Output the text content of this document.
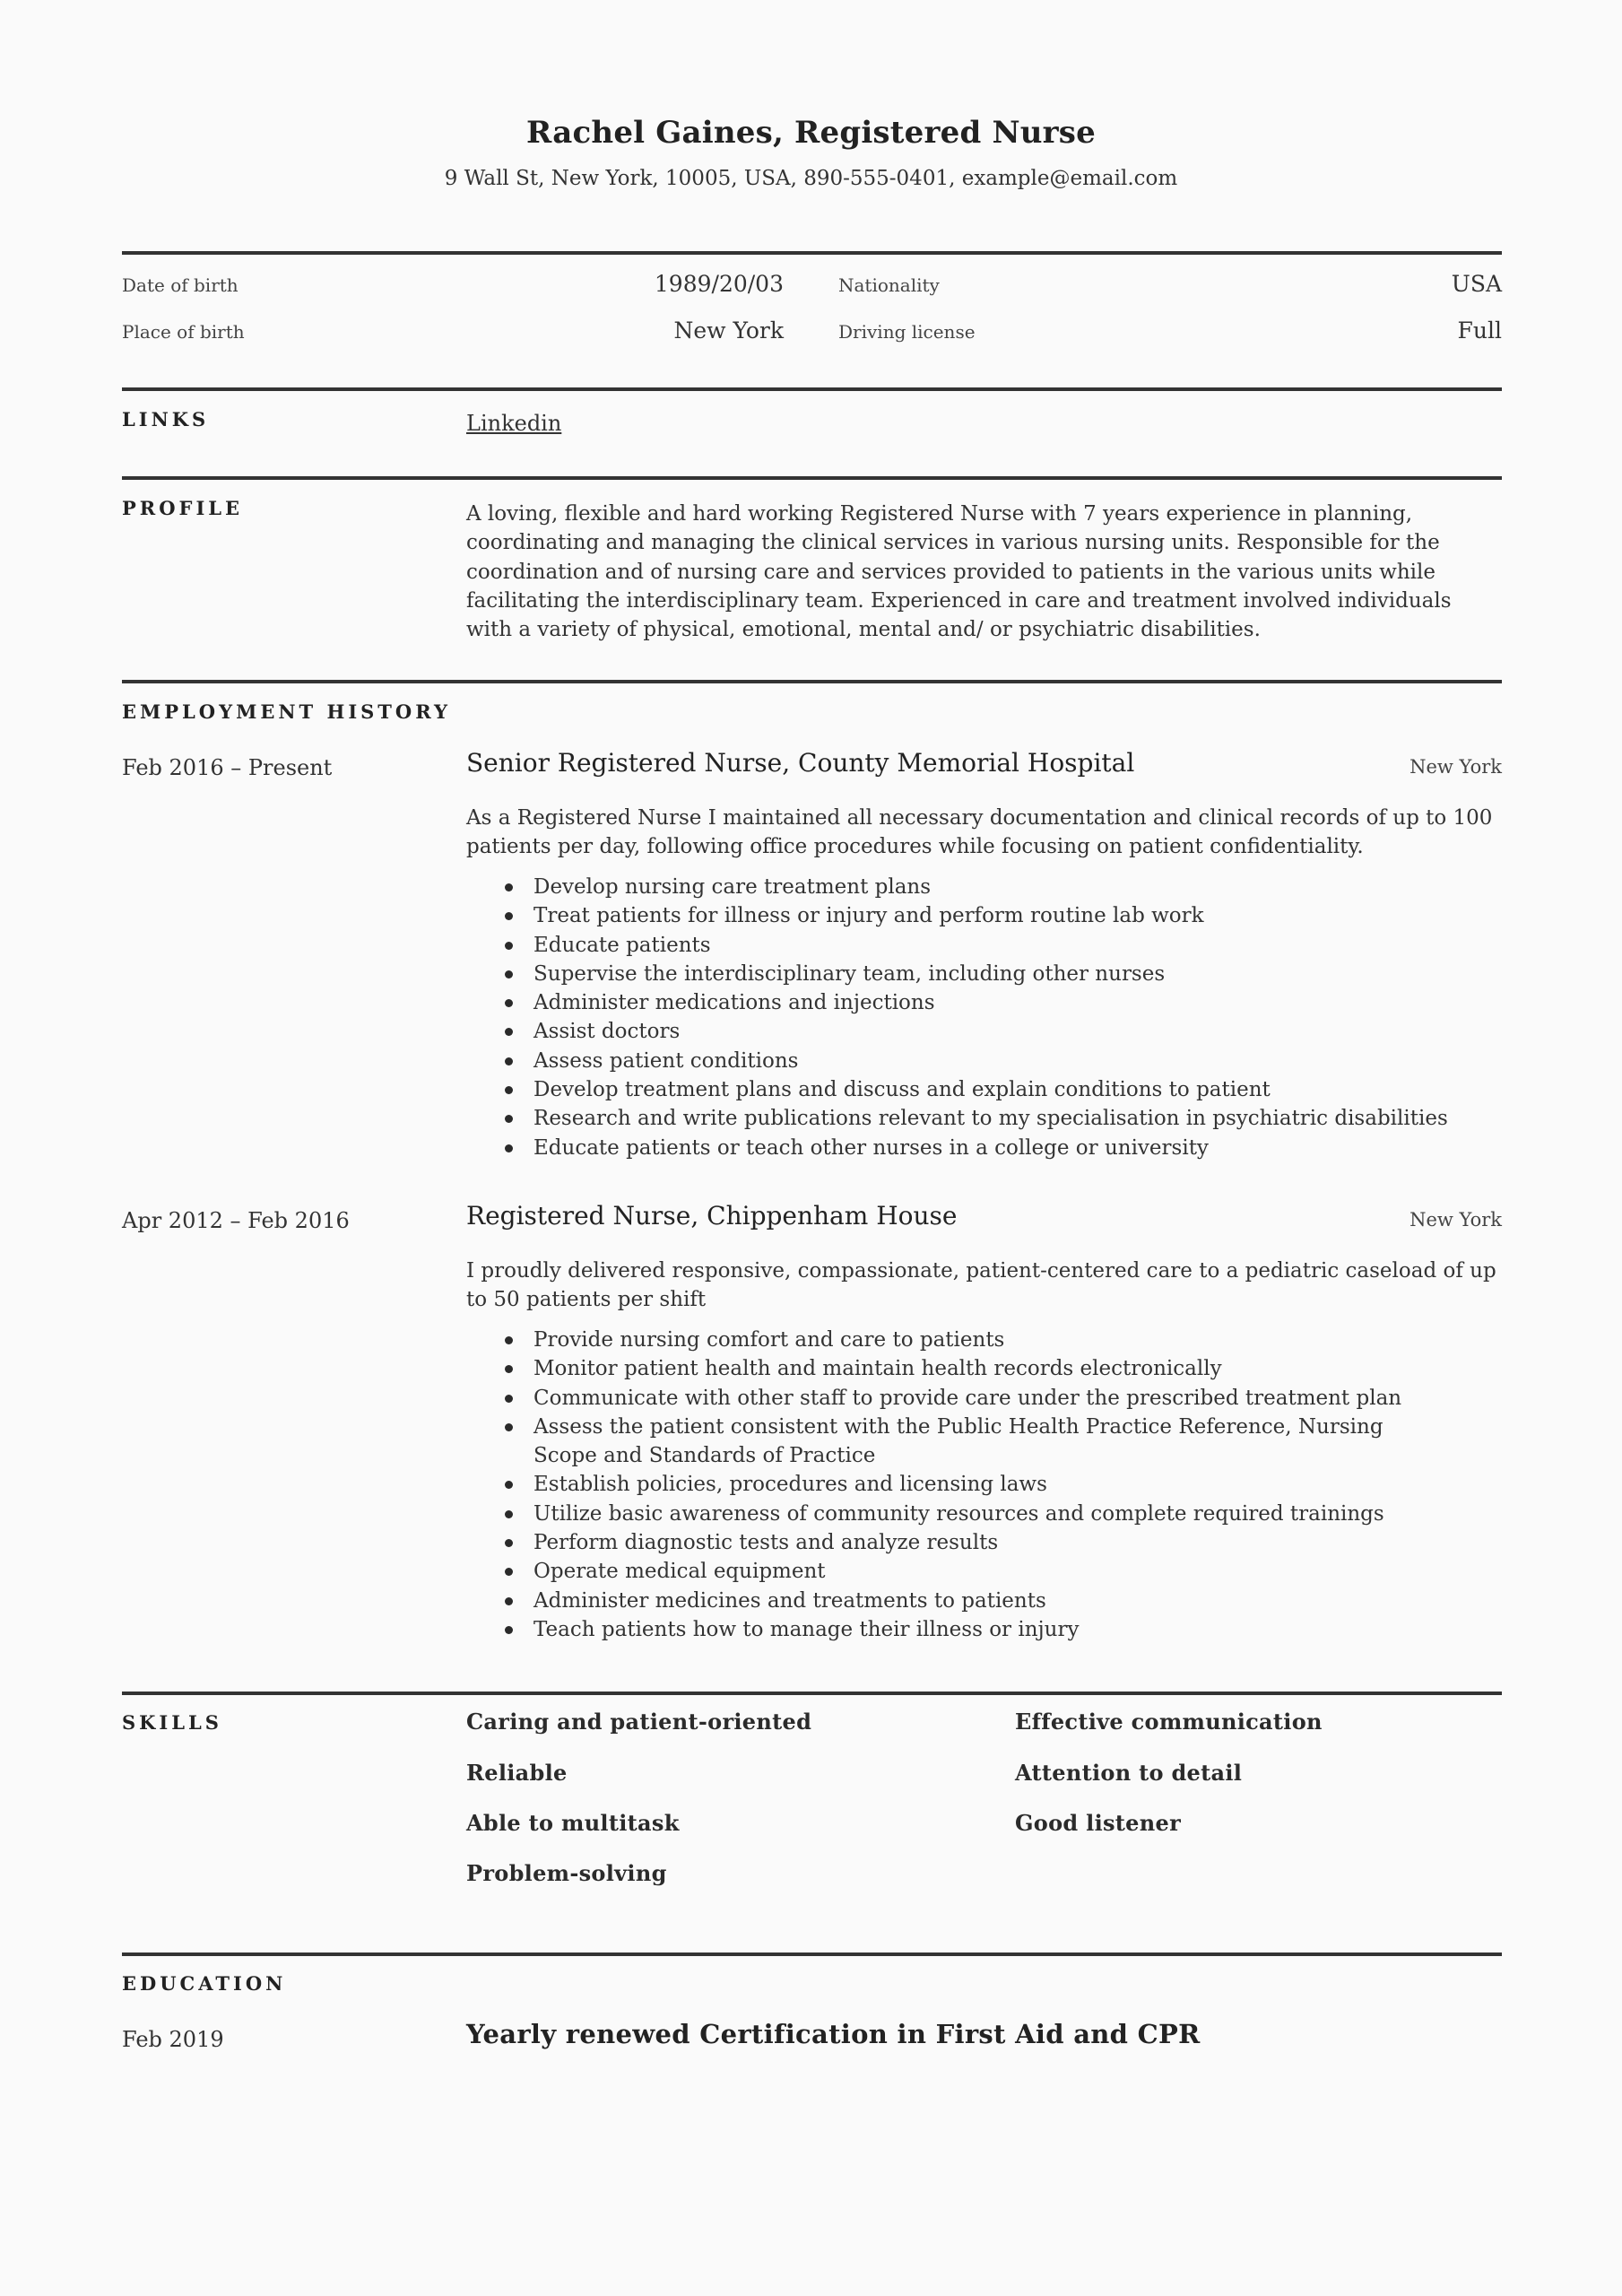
Rachel Gaines, Registered Nurse
9 Wall St, New York, 10005, USA, 890-555-0401, example@email.com
Date of birth	1989/20/03	Nationality	USA
Place of birth	New York	Driving license	Full
LINKS	Linkedin
PROFILE	A loving, flexible and hard working Registered Nurse with 7 years experience in planning, coordinating and managing the clinical services in various nursing units. Responsible for the coordination and of nursing care and services provided to patients in the various units while facilitating the interdisciplinary team. Experienced in care and treatment involved individuals with a variety of physical, emotional, mental and/ or psychiatric disabilities.
EMPLOYMENT HISTORY
Feb 2016 – Present	Senior Registered Nurse, County Memorial Hospital	New York
As a Registered Nurse I maintained all necessary documentation and clinical records of up to 100 patients per day, following office procedures while focusing on patient confidentiality.
Develop nursing care treatment plans
Treat patients for illness or injury and perform routine lab work
Educate patients
Supervise the interdisciplinary team, including other nurses
Administer medications and injections
Assist doctors
Assess patient conditions
Develop treatment plans and discuss and explain conditions to patient
Research and write publications relevant to my specialisation in psychiatric disabilities
Educate patients or teach other nurses in a college or university
Apr 2012 – Feb 2016	Registered Nurse, Chippenham House	New York
I proudly delivered responsive, compassionate, patient-centered care to a pediatric caseload of up to 50 patients per shift
Provide nursing comfort and care to patients
Monitor patient health and maintain health records electronically
Communicate with other staff to provide care under the prescribed treatment plan
Assess the patient consistent with the Public Health Practice Reference, Nursing Scope and Standards of Practice
Establish policies, procedures and licensing laws
Utilize basic awareness of community resources and complete required trainings
Perform diagnostic tests and analyze results
Operate medical equipment
Administer medicines and treatments to patients
Teach patients how to manage their illness or injury
SKILLS	Caring and patient-oriented	Effective communication
Reliable	Attention to detail
Able to multitask	Good listener
Problem-solving
EDUCATION
Feb 2019	Yearly renewed Certification in First Aid and CPR
